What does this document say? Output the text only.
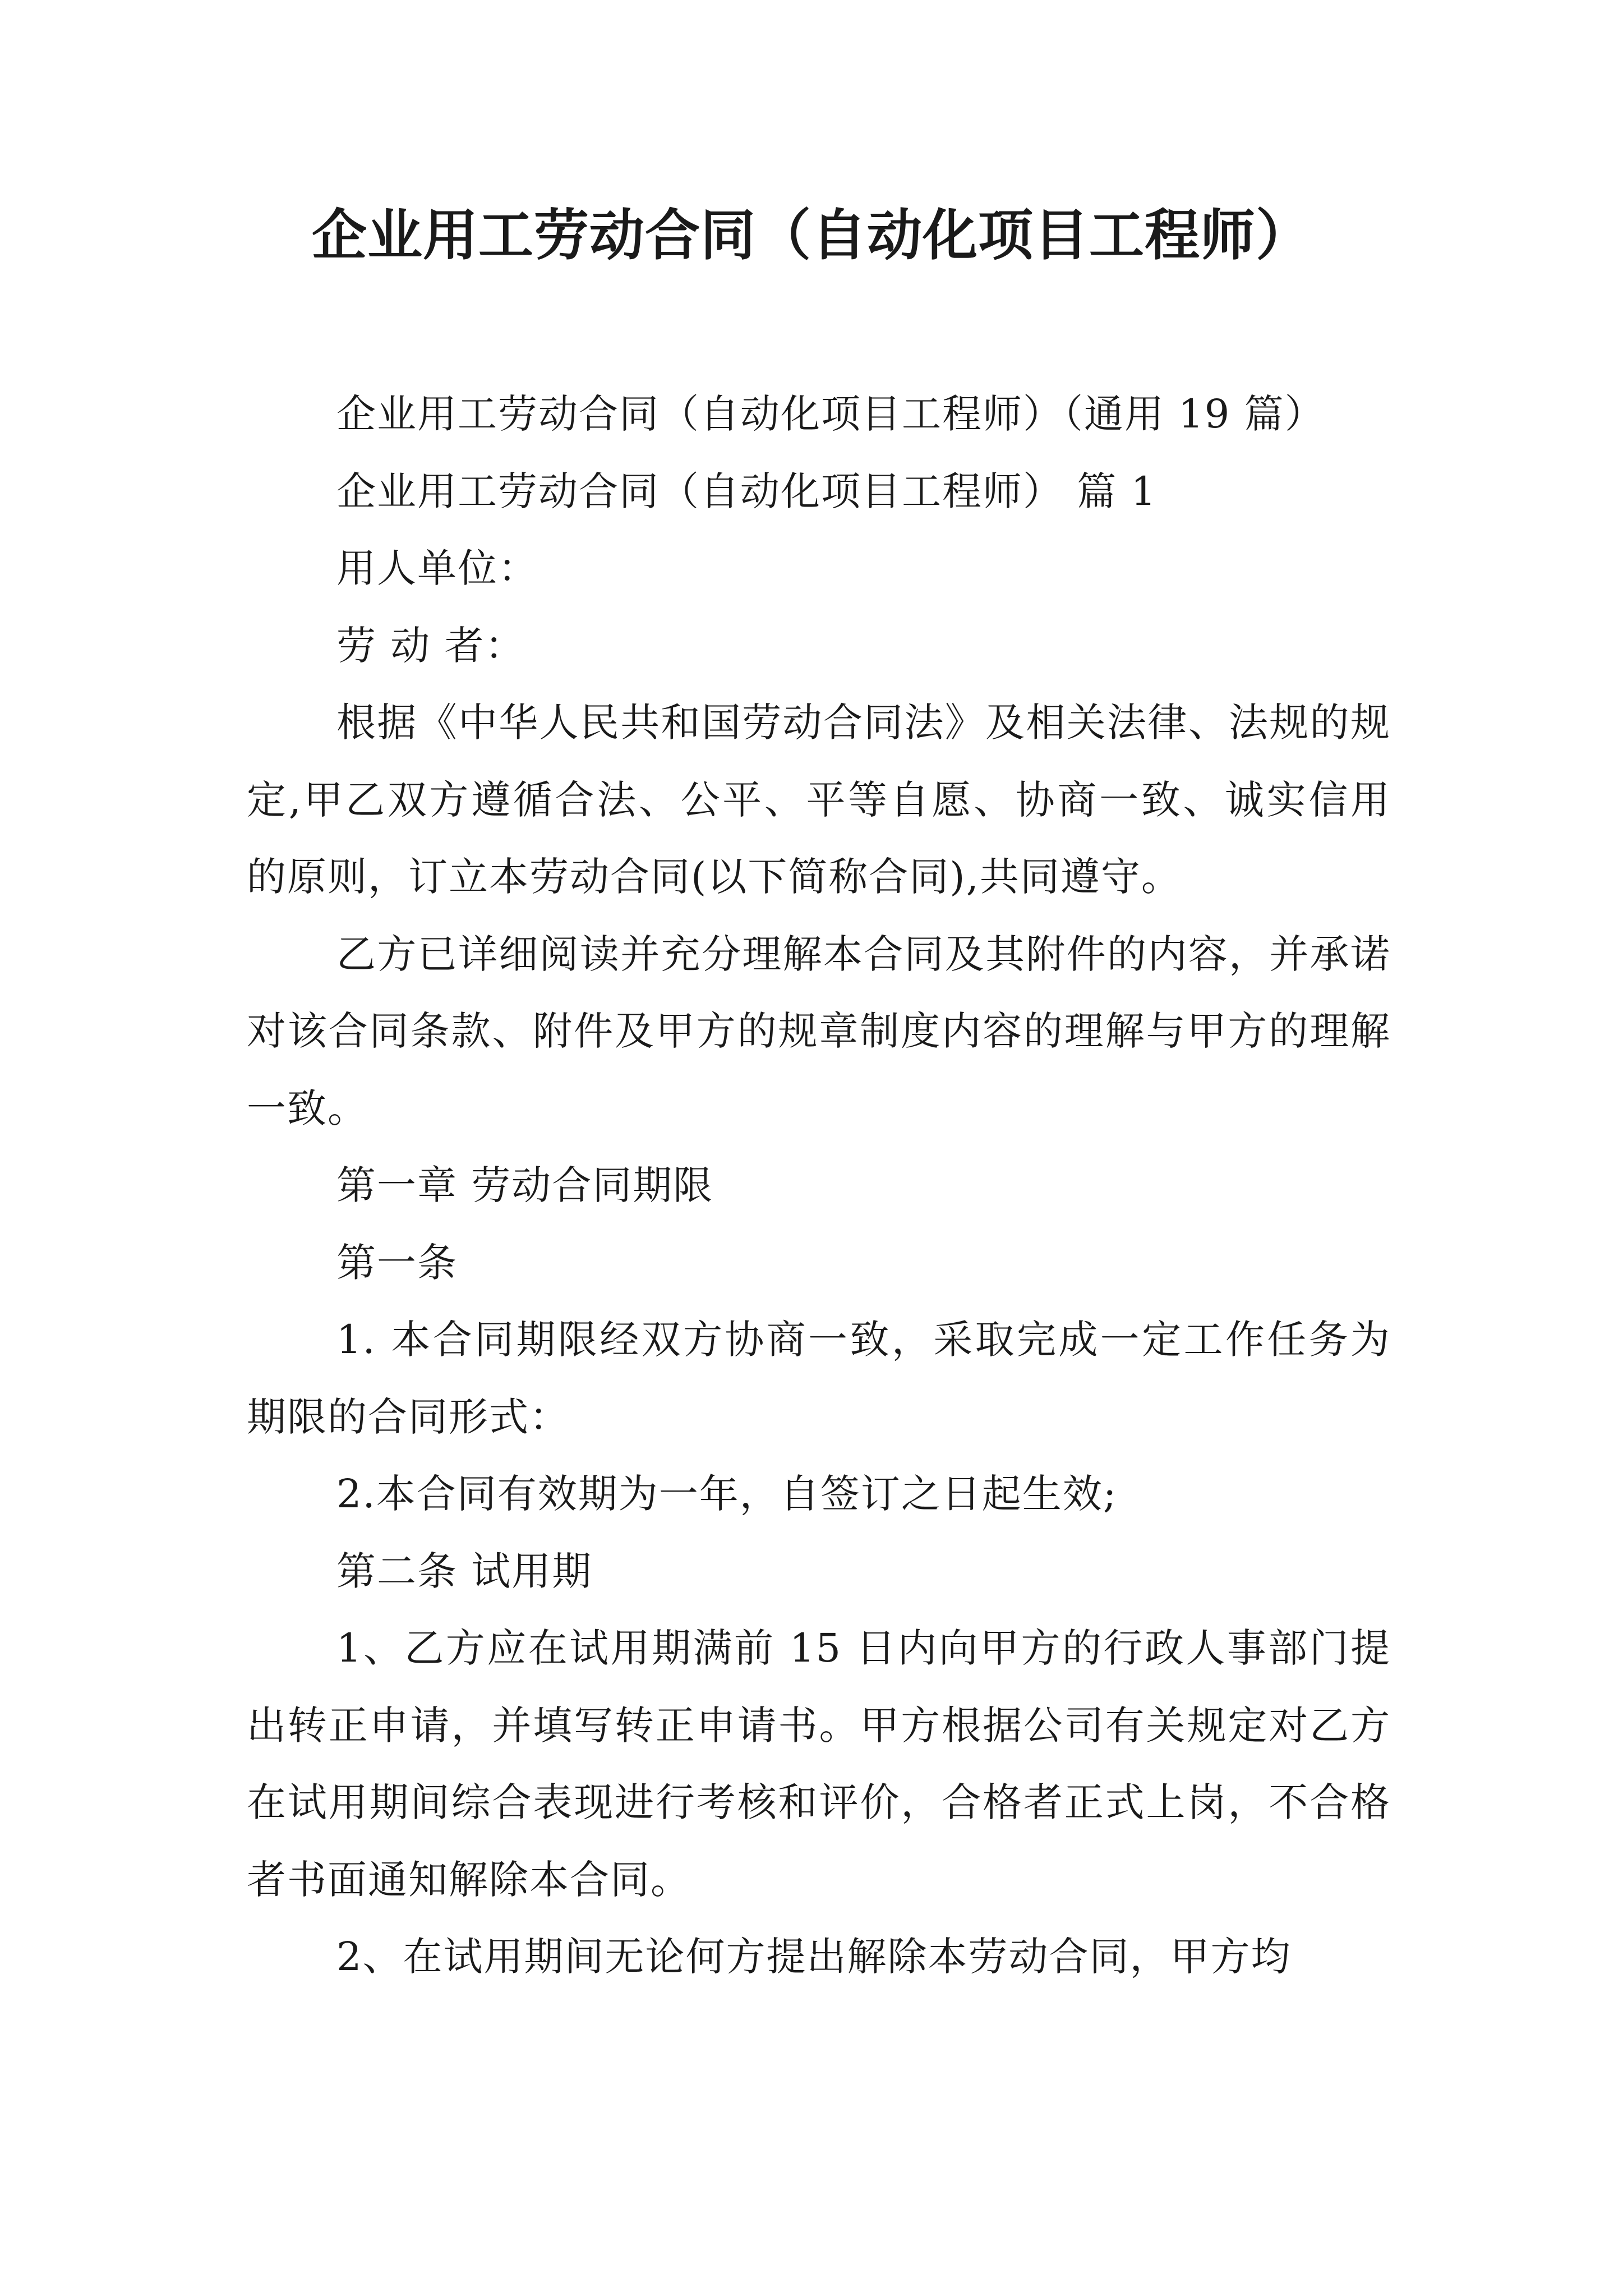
企业用工劳动合同（自动化项目工程师）

企业用工劳动合同（自动化项目工程师）（通用 19 篇）

企业用工劳动合同（自动化项目工程师） 篇 1

用人单位：

劳 动 者：

根据《中华人民共和国劳动合同法》及相关法律、法规的规定,甲乙双方遵循合法、公平、平等自愿、协商一致、诚实信用的原则，订立本劳动合同(以下简称合同),共同遵守。

乙方已详细阅读并充分理解本合同及其附件的内容，并承诺对该合同条款、附件及甲方的规章制度内容的理解与甲方的理解一致。

第一章 劳动合同期限

第一条

1. 本合同期限经双方协商一致，采取完成一定工作任务为期限的合同形式：

2.本合同有效期为一年，自签订之日起生效;

第二条 试用期

1、乙方应在试用期满前 15 日内向甲方的行政人事部门提出转正申请，并填写转正申请书。甲方根据公司有关规定对乙方在试用期间综合表现进行考核和评价，合格者正式上岗，不合格者书面通知解除本合同。

2、在试用期间无论何方提出解除本劳动合同，甲方均
